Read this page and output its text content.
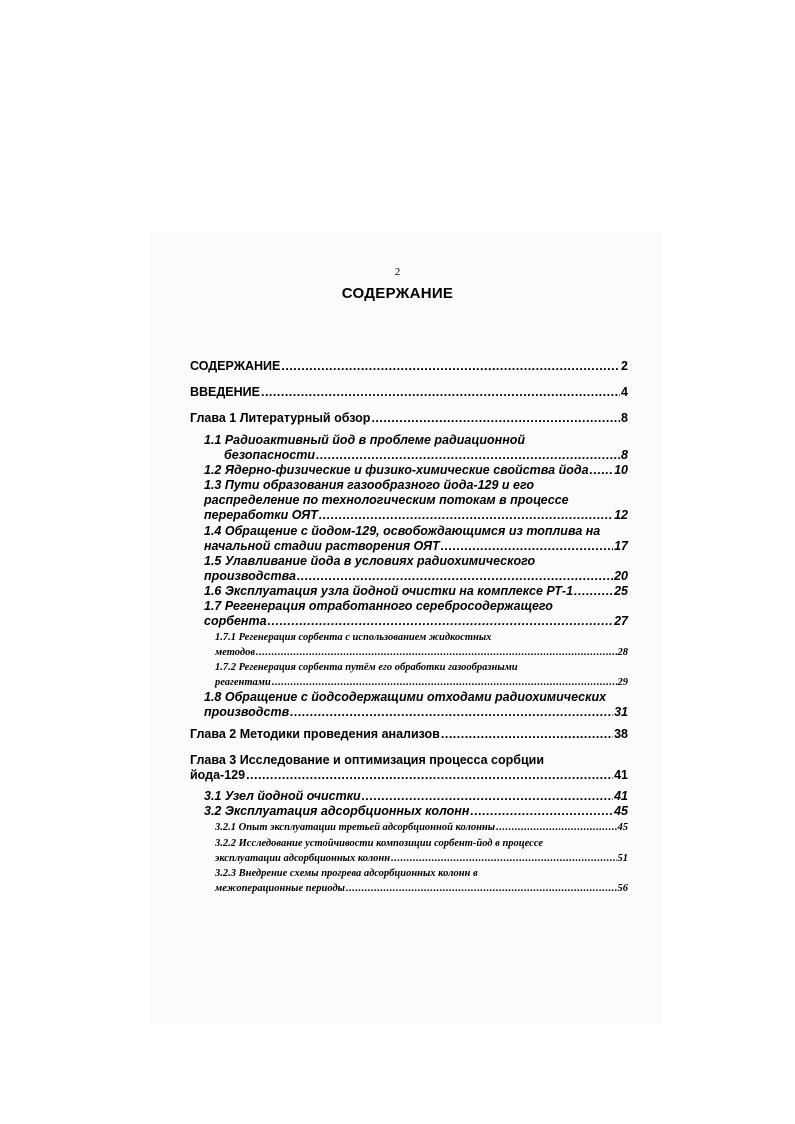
2
СОДЕРЖАНИЕ
СОДЕРЖАНИЕ .....	2
ВВЕДЕНИЕ .....	4
Глава 1 Литературный обзор .....	8
1.1 Радиоактивный йод в проблеме радиационной
безопасности .....	8
1.2 Ядерно-физические и физико-химические свойства йода ..... 10
1.3 Пути образования газообразного йода-129 и его
распределение по технологическим потокам в процессе
переработки ОЯТ .....	12
1.4 Обращение с йодом-129, освобождающимся из топлива на
начальной стадии растворения ОЯТ .....	17
1.5 Улавливание йода в условиях радиохимического
производства .....	20
1.6 Эксплуатация узла йодной очистки на комплексе РТ-1 .....	25
1.7 Регенерация отработанного серебросодержащего
сорбента .....	27
1.7.1 Регенерация сорбента с использованием жидкостных
методов .....	28
1.7.2 Регенерация сорбента путём его обработки газообразными
реагентами .....	29
1.8 Обращение с йодсодержащими отходами радиохимических
производств .....	31
Глава 2 Методики проведения анализов .....	38
Глава 3 Исследование и оптимизация процесса сорбции
йода-129 .....	41
3.1 Узел йодной очистки .....	41
3.2 Эксплуатация адсорбционных колонн .....	45
3.2.1 Опыт эксплуатации третьей адсорбционной колонны .....	45
3.2.2 Исследование устойчивости композиции сорбент-йод в процессе
эксплуатации адсорбционных колонн .....	51
3.2.3 Внедрение схемы прогрева адсорбционных колонн в
межоперационные периоды .....	56
